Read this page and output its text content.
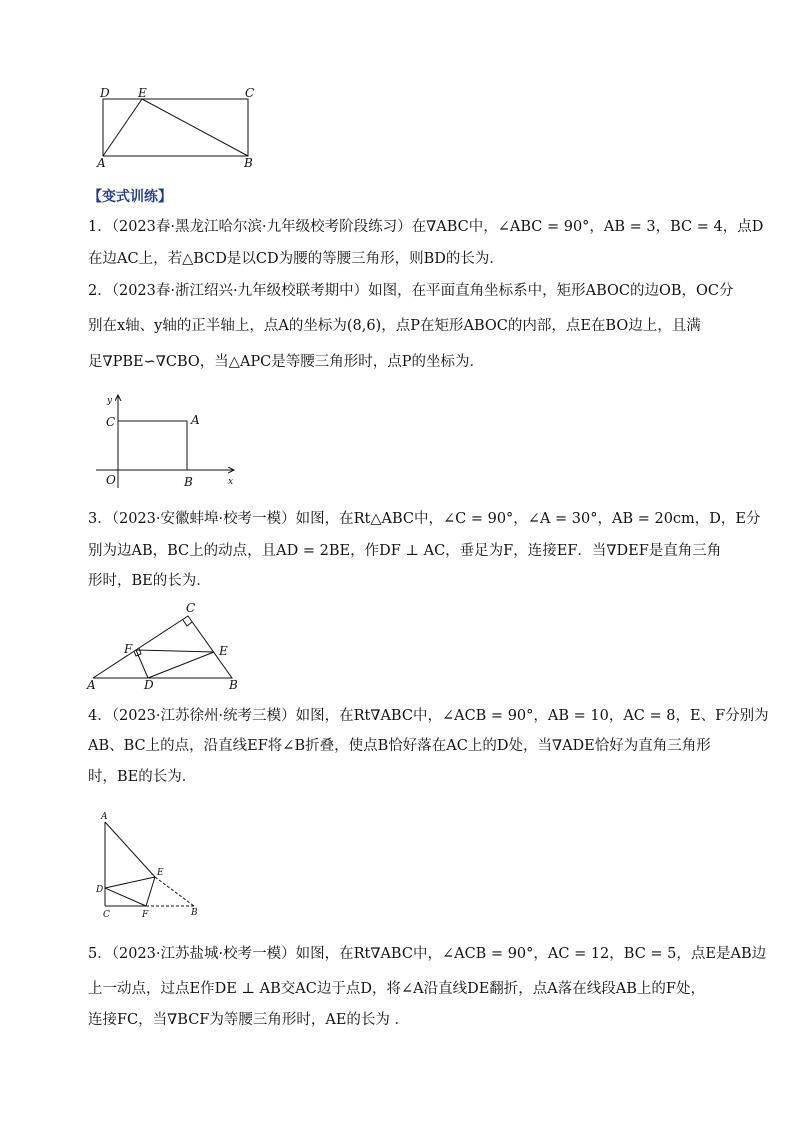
D E	C
A	B
【变式训练】
1．（2023春·黑龙江哈尔滨·九年级校考阶段练习）在∇ABC中，∠ABC = 90°，AB = 3，BC = 4，点D
在边AC上，若△BCD是以CD为腰的等腰三角形，则BD的长为．
2．（2023春·浙江绍兴·九年级校联考期中）如图，在平面直角坐标系中，矩形ABOC的边OB，OC分
别在x轴、y轴的正半轴上，点A的坐标为(8,6)，点P在矩形ABOC的内部，点E在BO边上，且满
足∇PBE∽∇CBO，当△APC是等腰三角形时，点P的坐标为．
y
x
C	A
O	B
3．（2023·安徽蚌埠·校考一模）如图，在Rt△ABC中，∠C = 90°，∠A = 30°，AB = 20cm，D，E分
别为边AB，BC上的动点，且AD = 2BE，作DF ⊥ AC，垂足为F，连接EF．当∇DEF是直角三角
形时，BE的长为．
C
F	E
A	D	B
4．（2023·江苏徐州·统考三模）如图，在Rt∇ABC中，∠ACB = 90°，AB = 10，AC = 8，E、F分别为
AB、BC上的点，沿直线EF将∠B折叠，使点B恰好落在AC上的D处，当∇ADE恰好为直角三角形
时，BE的长为．
A
E
D
C	F	B
5．（2023·江苏盐城·校考一模）如图，在Rt∇ABC中，∠ACB = 90°，AC = 12，BC = 5，点E是AB边
上一动点，过点E作DE ⊥ AB交AC边于点D，将∠A沿直线DE翻折，点A落在线段AB上的F处，
连接FC，当∇BCF为等腰三角形时，AE的长为 ．
